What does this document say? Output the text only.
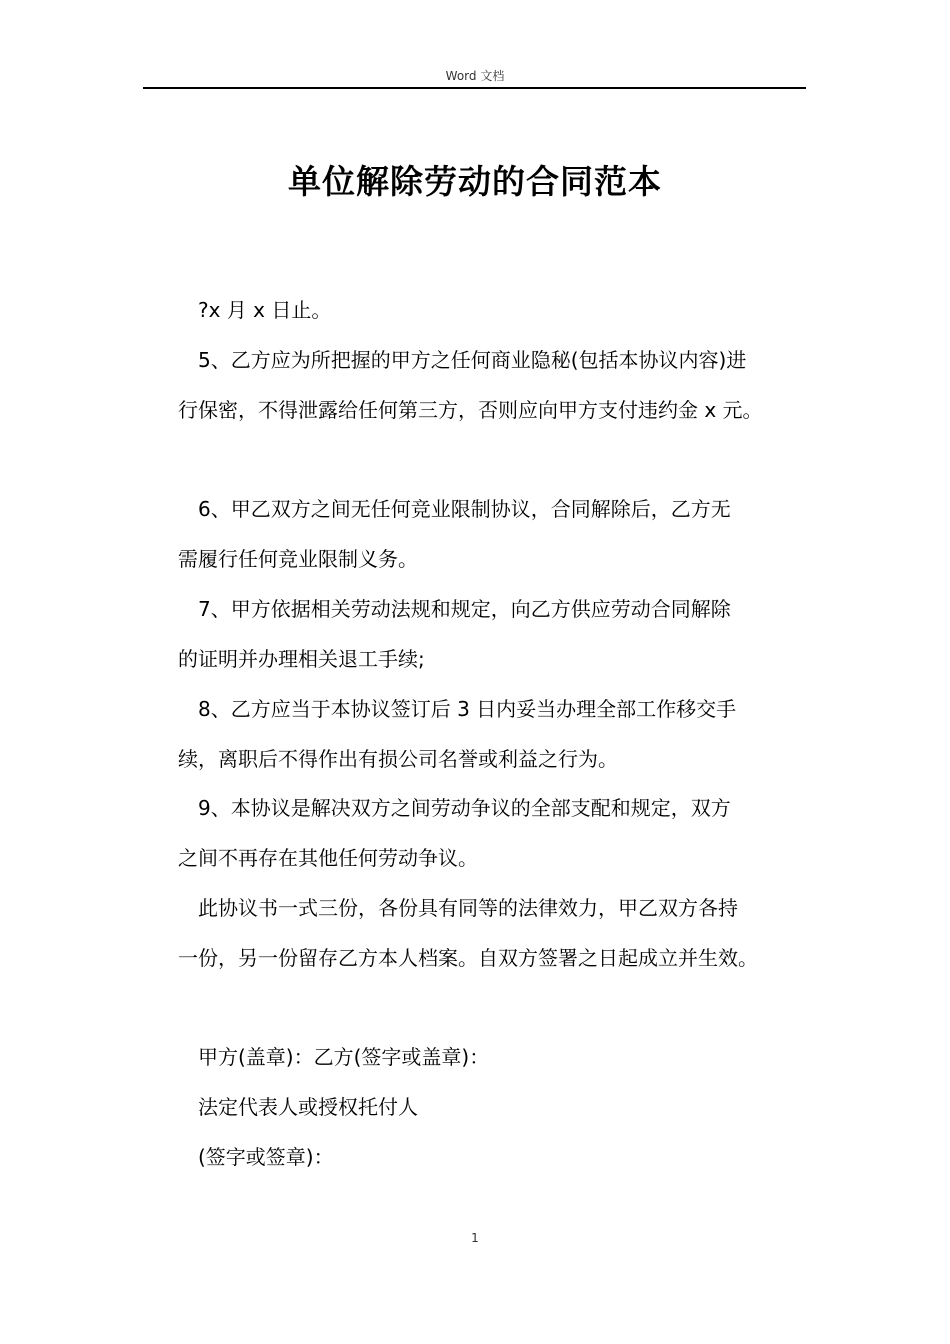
Word 文档
单位解除劳动的合同范本
?x 月 x 日止。
5、乙方应为所把握的甲方之任何商业隐秘(包括本协议内容)进
行保密，不得泄露给任何第三方，否则应向甲方支付违约金 x 元。
6、甲乙双方之间无任何竞业限制协议，合同解除后，乙方无
需履行任何竞业限制义务。
7、甲方依据相关劳动法规和规定，向乙方供应劳动合同解除
的证明并办理相关退工手续;
8、乙方应当于本协议签订后 3 日内妥当办理全部工作移交手
续，离职后不得作出有损公司名誉或利益之行为。
9、本协议是解决双方之间劳动争议的全部支配和规定，双方
之间不再存在其他任何劳动争议。
此协议书一式三份，各份具有同等的法律效力，甲乙双方各持
一份，另一份留存乙方本人档案。自双方签署之日起成立并生效。
甲方(盖章)：乙方(签字或盖章)：
法定代表人或授权托付人
(签字或签章)：
1
